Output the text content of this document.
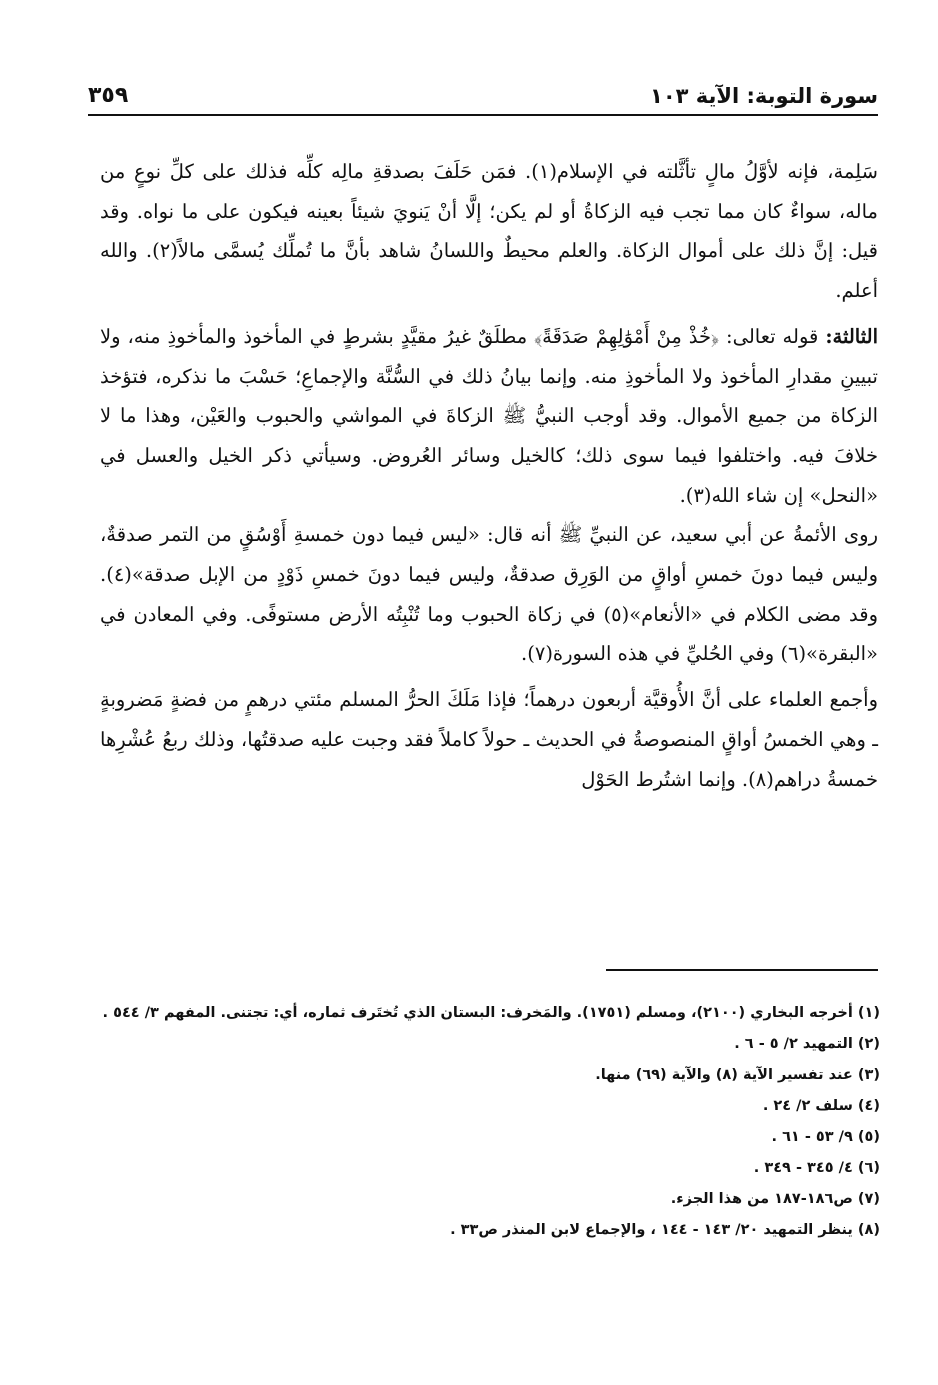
سورة التوبة: الآية ١٠٣
٣٥٩

سَلِمة، فإنه لأوَّلُ مالٍ تأثَّلته في الإسلام(١). فمَن حَلَفَ بصدقةِ مالِه كلِّه فذلك على كلِّ نوعٍ من ماله، سواءٌ كان مما تجب فيه الزكاةُ أو لم يكن؛ إلَّا أنْ يَنويَ شيئاً بعينه فيكون على ما نواه. وقد قيل: إنَّ ذلك على أموال الزكاة. والعلم محيطٌ واللسانُ شاهد بأنَّ ما تُملِّك يُسمَّى مالاً(٢). والله أعلم.

الثالثة: قوله تعالى: ﴿خُذْ مِنْ أَمْوَٰلِهِمْ صَدَقَةً﴾ مطلَقٌ غيرُ مقيَّدٍ بشرطٍ في المأخوذ والمأخوذِ منه، ولا تبيينِ مقدارِ المأخوذ ولا المأخوذِ منه. وإنما بيانُ ذلك في السُّنَّة والإجماعِ؛ حَسْبَ ما نذكره، فتؤخذ الزكاة من جميع الأموال. وقد أوجب النبيُّ ﷺ الزكاةَ في المواشي والحبوب والعَيْن، وهذا ما لا خلافَ فيه. واختلفوا فيما سوى ذلك؛ كالخيل وسائر العُروض. وسيأتي ذكر الخيل والعسل في «النحل» إن شاء الله(٣).

روى الأئمةُ عن أبي سعيد، عن النبيِّ ﷺ أنه قال: «ليس فيما دون خمسةِ أَوْسُقٍ من التمر صدقةٌ، وليس فيما دونَ خمسِ أواقٍ من الوَرِق صدقةٌ، وليس فيما دونَ خمسِ ذَوْدٍ من الإبل صدقة»(٤). وقد مضى الكلام في «الأنعام»(٥) في زكاة الحبوب وما تُنْبِتُه الأرض مستوفًى. وفي المعادن في «البقرة»(٦) وفي الحُليِّ في هذه السورة(٧).

وأجمع العلماء على أنَّ الأُوقيَّة أربعون درهماً؛ فإذا مَلَكَ الحرُّ المسلم مئتي درهمٍ من فضةٍ مَضروبةٍ ـ وهي الخمسُ أواقٍ المنصوصةُ في الحديث ـ حولاً كاملاً فقد وجبت عليه صدقتُها، وذلك ربعُ عُشْرِها خمسةُ دراهم(٨). وإنما اشتُرط الحَوْل

(١) أخرجه البخاري (٢١٠٠)، ومسلم (١٧٥١). والمَخرف: البستان الذي تُختَرف ثماره، أي: تجتنى. المفهم ٣/ ٥٤٤ .

(٢) التمهيد ٢/ ٥ - ٦ .

(٣) عند تفسير الآية (٨) والآية (٦٩) منها.

(٤) سلف ٢/ ٢٤ .

(٥) ٩/ ٥٣ - ٦١ .

(٦) ٤/ ٣٤٥ - ٣٤٩ .

(٧) ص١٨٦-١٨٧ من هذا الجزء.

(٨) ينظر التمهيد ٢٠/ ١٤٣ - ١٤٤ ، والإجماع لابن المنذر ص٣٣ .
